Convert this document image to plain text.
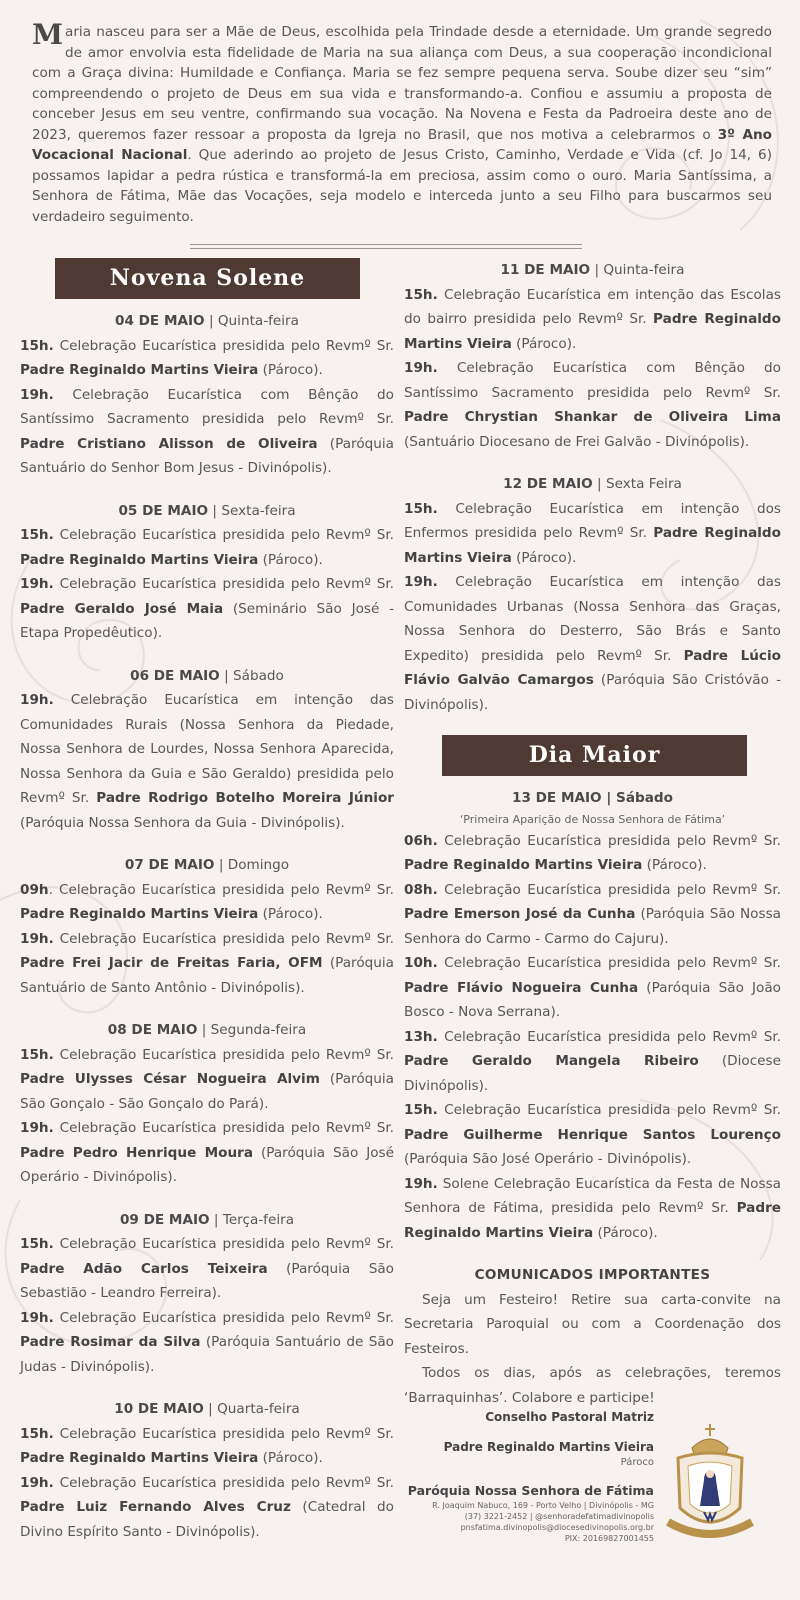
Maria nasceu para ser a Mãe de Deus, escolhida pela Trindade desde a eternidade. Um grande segredo de amor envolvia esta fidelidade de Maria na sua aliança com Deus, a sua cooperação incondicional com a Graça divina: Humildade e Confiança. Maria se fez sempre pequena serva. Soube dizer seu “sim” compreendendo o projeto de Deus em sua vida e transformando-a. Confiou e assumiu a proposta de conceber Jesus em seu ventre, confirmando sua vocação. Na Novena e Festa da Padroeira deste ano de 2023, queremos fazer ressoar a proposta da Igreja no Brasil, que nos motiva a celebrarmos o 3º Ano Vocacional Nacional. Que aderindo ao projeto de Jesus Cristo, Caminho, Verdade e Vida (cf. Jo 14, 6) possamos lapidar a pedra rústica e transformá-la em preciosa, assim como o ouro. Maria Santíssima, a Senhora de Fátima, Mãe das Vocações, seja modelo e interceda junto a seu Filho para buscarmos seu verdadeiro seguimento.
Novena Solene
04 DE MAIO | Quinta-feira
15h. Celebração Eucarística presidida pelo Revmº Sr. Padre Reginaldo Martins Vieira (Pároco).
19h. Celebração Eucarística com Bênção do Santíssimo Sacramento presidida pelo Revmº Sr. Padre Cristiano Alisson de Oliveira (Paróquia Santuário do Senhor Bom Jesus - Divinópolis).
05 DE MAIO | Sexta-feira
15h. Celebração Eucarística presidida pelo Revmº Sr. Padre Reginaldo Martins Vieira (Pároco).
19h. Celebração Eucarística presidida pelo Revmº Sr. Padre Geraldo José Maia (Seminário São José - Etapa Propedêutico).
06 DE MAIO | Sábado
19h. Celebração Eucarística em intenção das Comunidades Rurais (Nossa Senhora da Piedade, Nossa Senhora de Lourdes, Nossa Senhora Aparecida, Nossa Senhora da Guia e São Geraldo) presidida pelo Revmº Sr. Padre Rodrigo Botelho Moreira Júnior (Paróquia Nossa Senhora da Guia - Divinópolis).
07 DE MAIO | Domingo
09h. Celebração Eucarística presidida pelo Revmº Sr. Padre Reginaldo Martins Vieira (Pároco).
19h. Celebração Eucarística presidida pelo Revmº Sr. Padre Frei Jacir de Freitas Faria, OFM (Paróquia Santuário de Santo Antônio - Divinópolis).
08 DE MAIO | Segunda-feira
15h. Celebração Eucarística presidida pelo Revmº Sr. Padre Ulysses César Nogueira Alvim (Paróquia São Gonçalo - São Gonçalo do Pará).
19h. Celebração Eucarística presidida pelo Revmº Sr. Padre Pedro Henrique Moura (Paróquia São José Operário - Divinópolis).
09 DE MAIO | Terça-feira
15h. Celebração Eucarística presidida pelo Revmº Sr. Padre Adão Carlos Teixeira (Paróquia São Sebastião - Leandro Ferreira).
19h. Celebração Eucarística presidida pelo Revmº Sr. Padre Rosimar da Silva (Paróquia Santuário de São Judas - Divinópolis).
10 DE MAIO | Quarta-feira
15h. Celebração Eucarística presidida pelo Revmº Sr. Padre Reginaldo Martins Vieira (Pároco).
19h. Celebração Eucarística presidida pelo Revmº Sr. Padre Luiz Fernando Alves Cruz (Catedral do Divino Espírito Santo - Divinópolis).
11 DE MAIO | Quinta-feira
15h. Celebração Eucarística em intenção das Escolas do bairro presidida pelo Revmº Sr. Padre Reginaldo Martins Vieira (Pároco).
19h. Celebração Eucarística com Bênção do Santíssimo Sacramento presidida pelo Revmº Sr. Padre Chrystian Shankar de Oliveira Lima (Santuário Diocesano de Frei Galvão - Divinópolis).
12 DE MAIO | Sexta Feira
15h. Celebração Eucarística em intenção dos Enfermos presidida pelo Revmº Sr. Padre Reginaldo Martins Vieira (Pároco).
19h. Celebração Eucarística em intenção das Comunidades Urbanas (Nossa Senhora das Graças, Nossa Senhora do Desterro, São Brás e Santo Expedito) presidida pelo Revmº Sr. Padre Lúcio Flávio Galvão Camargos (Paróquia São Cristóvão - Divinópolis).
Dia Maior
13 DE MAIO | Sábado
‘Primeira Aparição de Nossa Senhora de Fátima’
06h. Celebração Eucarística presidida pelo Revmº Sr. Padre Reginaldo Martins Vieira (Pároco).
08h. Celebração Eucarística presidida pelo Revmº Sr. Padre Emerson José da Cunha (Paróquia São Nossa Senhora do Carmo - Carmo do Cajuru).
10h. Celebração Eucarística presidida pelo Revmº Sr. Padre Flávio Nogueira Cunha (Paróquia São João Bosco - Nova Serrana).
13h. Celebração Eucarística presidida pelo Revmº Sr. Padre Geraldo Mangela Ribeiro (Diocese Divinópolis).
15h. Celebração Eucarística presidida pelo Revmº Sr. Padre Guilherme Henrique Santos Lourenço (Paróquia São José Operário - Divinópolis).
19h. Solene Celebração Eucarística da Festa de Nossa Senhora de Fátima, presidida pelo Revmº Sr. Padre Reginaldo Martins Vieira (Pároco).
COMUNICADOS IMPORTANTES
Seja um Festeiro! Retire sua carta-convite na Secretaria Paroquial ou com a Coordenação dos Festeiros.
Todos os dias, após as celebrações, teremos ‘Barraquinhas’. Colabore e participe!
Conselho Pastoral Matriz
Padre Reginaldo Martins Vieira
Pároco
Paróquia Nossa Senhora de Fátima
R. Joaquim Nabuco, 169 - Porto Velho | Divinópolis - MG
(37) 3221-2452 | @senhoradefatimadivinopolis
pnsfatima.divinopolis@diocesedivinopolis.org.br
PIX: 20169827001455
